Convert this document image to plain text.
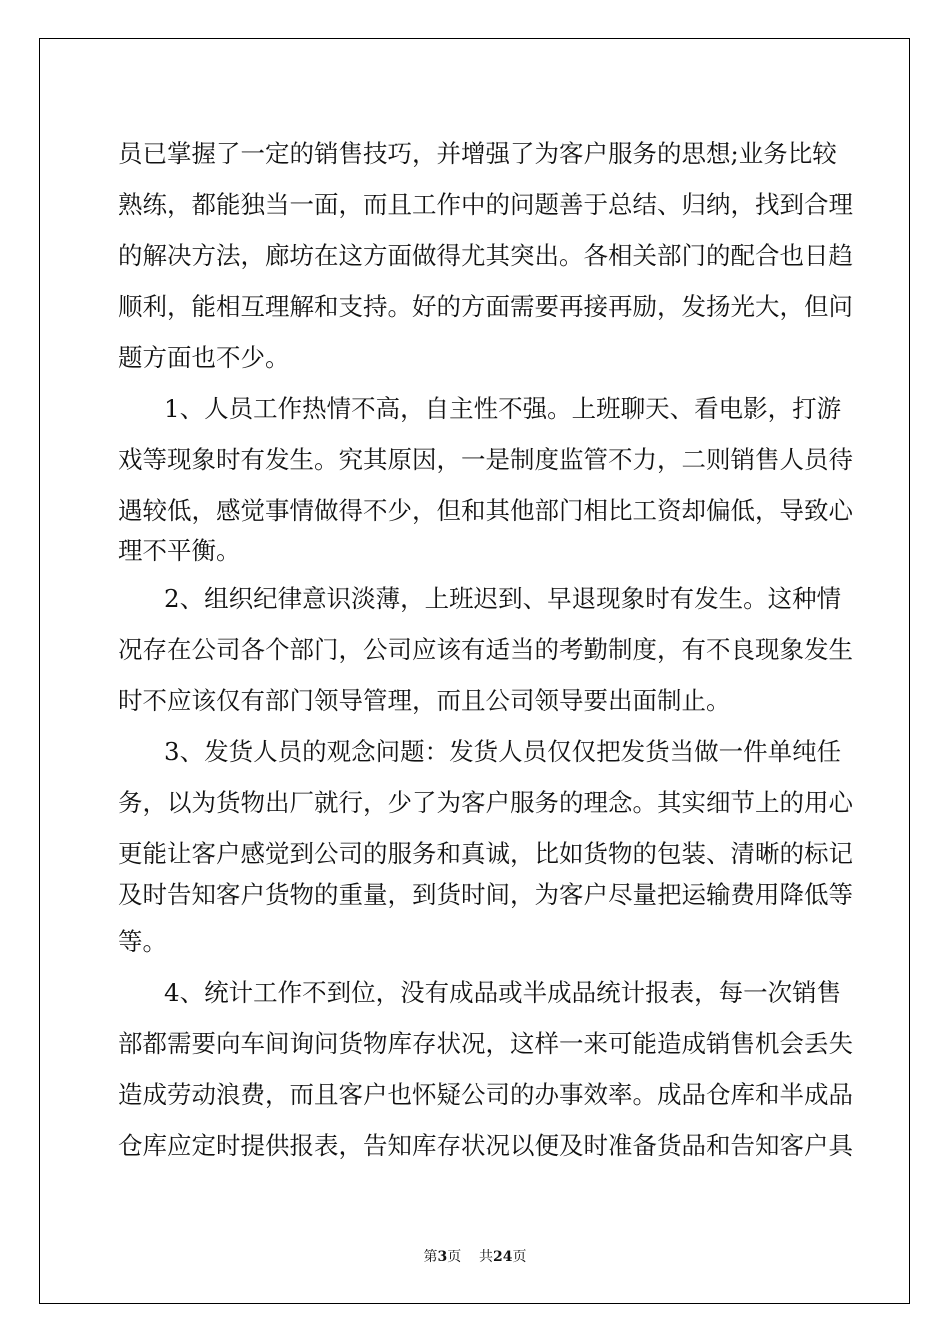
员已掌握了一定的销售技巧，并增强了为客户服务的思想;业务比较
熟练，都能独当一面，而且工作中的问题善于总结、归纳，找到合理
的解决方法，廊坊在这方面做得尤其突出。各相关部门的配合也日趋
顺利，能相互理解和支持。好的方面需要再接再励，发扬光大，但问
题方面也不少。
1、人员工作热情不高，自主性不强。上班聊天、看电影，打游
戏等现象时有发生。究其原因，一是制度监管不力，二则销售人员待
遇较低，感觉事情做得不少，但和其他部门相比工资却偏低，导致心
理不平衡。
2、组织纪律意识淡薄，上班迟到、早退现象时有发生。这种情
况存在公司各个部门，公司应该有适当的考勤制度，有不良现象发生
时不应该仅有部门领导管理，而且公司领导要出面制止。
3、发货人员的观念问题：发货人员仅仅把发货当做一件单纯任
务，以为货物出厂就行，少了为客户服务的理念。其实细节上的用心
更能让客户感觉到公司的服务和真诚，比如货物的包装、清晰的标记
及时告知客户货物的重量，到货时间，为客户尽量把运输费用降低等
等。
4、统计工作不到位，没有成品或半成品统计报表，每一次销售
部都需要向车间询问货物库存状况，这样一来可能造成销售机会丢失
造成劳动浪费，而且客户也怀疑公司的办事效率。成品仓库和半成品
仓库应定时提供报表，告知库存状况以便及时准备货品和告知客户具
第3页 共24页
